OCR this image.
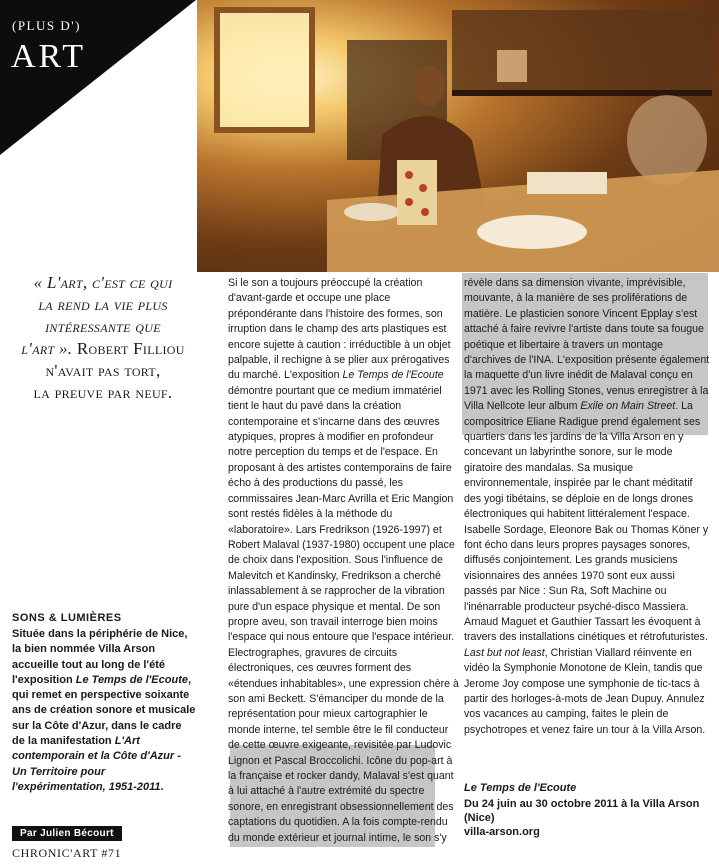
(PLUS D')
ART
« L'art, c'est ce qui
la rend la vie plus
intéressante que
l'art ». Robert Filliou
n'avait pas tort,
la preuve par neuf.
SONS & LUMIÈRES
Située dans la périphérie de Nice, la bien nommée Villa Arson accueille tout au long de l'été l'exposition Le Temps de l'Ecoute, qui remet en perspective soixante ans de création sonore et musicale sur la Côte d'Azur, dans le cadre de la manifestation L'Art contemporain et la Côte d'Azur - Un Territoire pour l'expérimentation, 1951-2011.
Par Julien Bécourt
CHRONIC'ART #71
Si le son a toujours préoccupé la création d'avant-garde et occupe une place prépondérante dans l'histoire des formes, son irruption dans le champ des arts plastiques est encore sujette à caution : irréductible à un objet palpable, il rechigne à se plier aux prérogatives du marché. L'exposition Le Temps de l'Ecoute démontre pourtant que ce medium immatériel tient le haut du pavé dans la création contemporaine et s'incarne dans des œuvres atypiques, propres à modifier en profondeur notre perception du temps et de l'espace. En proposant à des artistes contemporains de faire écho à des productions du passé, les commissaires Jean-Marc Avrilla et Eric Mangion sont restés fidèles à la méthode du «laboratoire». Lars Fredrikson (1926-1997) et Robert Malaval (1937-1980) occupent une place de choix dans l'exposition. Sous l'influence de Malevitch et Kandinsky, Fredrikson a cherché inlassablement à se rapprocher de la vibration pure d'un espace physique et mental. De son propre aveu, son travail interroge bien moins l'espace qui nous entoure que l'espace intérieur. Electrographes, gravures de circuits électroniques, ces œuvres forment des «étendues inhabitables», une expression chère à son ami Beckett. S'émanciper du monde de la représentation pour mieux cartographier le monde interne, tel semble être le fil conducteur de cette œuvre exigeante, revisitée par Ludovic Lignon et Pascal Broccolichi. Icône du pop-art à la française et rocker dandy, Malaval s'est quant à lui attaché à l'autre extrémité du spectre sonore, en enregistrant obsessionnellement des captations du quotidien. A la fois compte-rendu du monde extérieur et journal intime, le son s'y
révèle dans sa dimension vivante, imprévisible, mouvante, à la manière de ses proliférations de matière. Le plasticien sonore Vincent Epplay s'est attaché à faire revivre l'artiste dans toute sa fougue poétique et libertaire à travers un montage d'archives de l'INA. L'exposition présente également la maquette d'un livre inédit de Malaval conçu en 1971 avec les Rolling Stones, venus enregistrer à la Villa Nellcote leur album Exile on Main Street. La compositrice Eliane Radigue prend également ses quartiers dans les jardins de la Villa Arson en y concevant un labyrinthe sonore, sur le mode giratoire des mandalas. Sa musique environnementale, inspirée par le chant méditatif des yogi tibétains, se déploie en de longs drones électroniques qui habitent littéralement l'espace. Isabelle Sordage, Eleonore Bak ou Thomas Köner y font écho dans leurs propres paysages sonores, diffusés conjointement. Les grands musiciens visionnaires des années 1970 sont eux aussi passés par Nice : Sun Ra, Soft Machine ou l'inénarrable producteur psyché-disco Massiera. Arnaud Maguet et Gauthier Tassart les évoquent à travers des installations cinétiques et rétrofuturistes. Last but not least, Christian Viallard réinvente en vidéo la Symphonie Monotone de Klein, tandis que Jerome Joy compose une symphonie de tic-tacs à partir des horloges-à-mots de Jean Dupuy. Annulez vos vacances au camping, faites le plein de psychotropes et venez faire un tour à la Villa Arson.
Le Temps de l'Ecoute
Du 24 juin au 30 octobre 2011 à la Villa Arson (Nice)
villa-arson.org
